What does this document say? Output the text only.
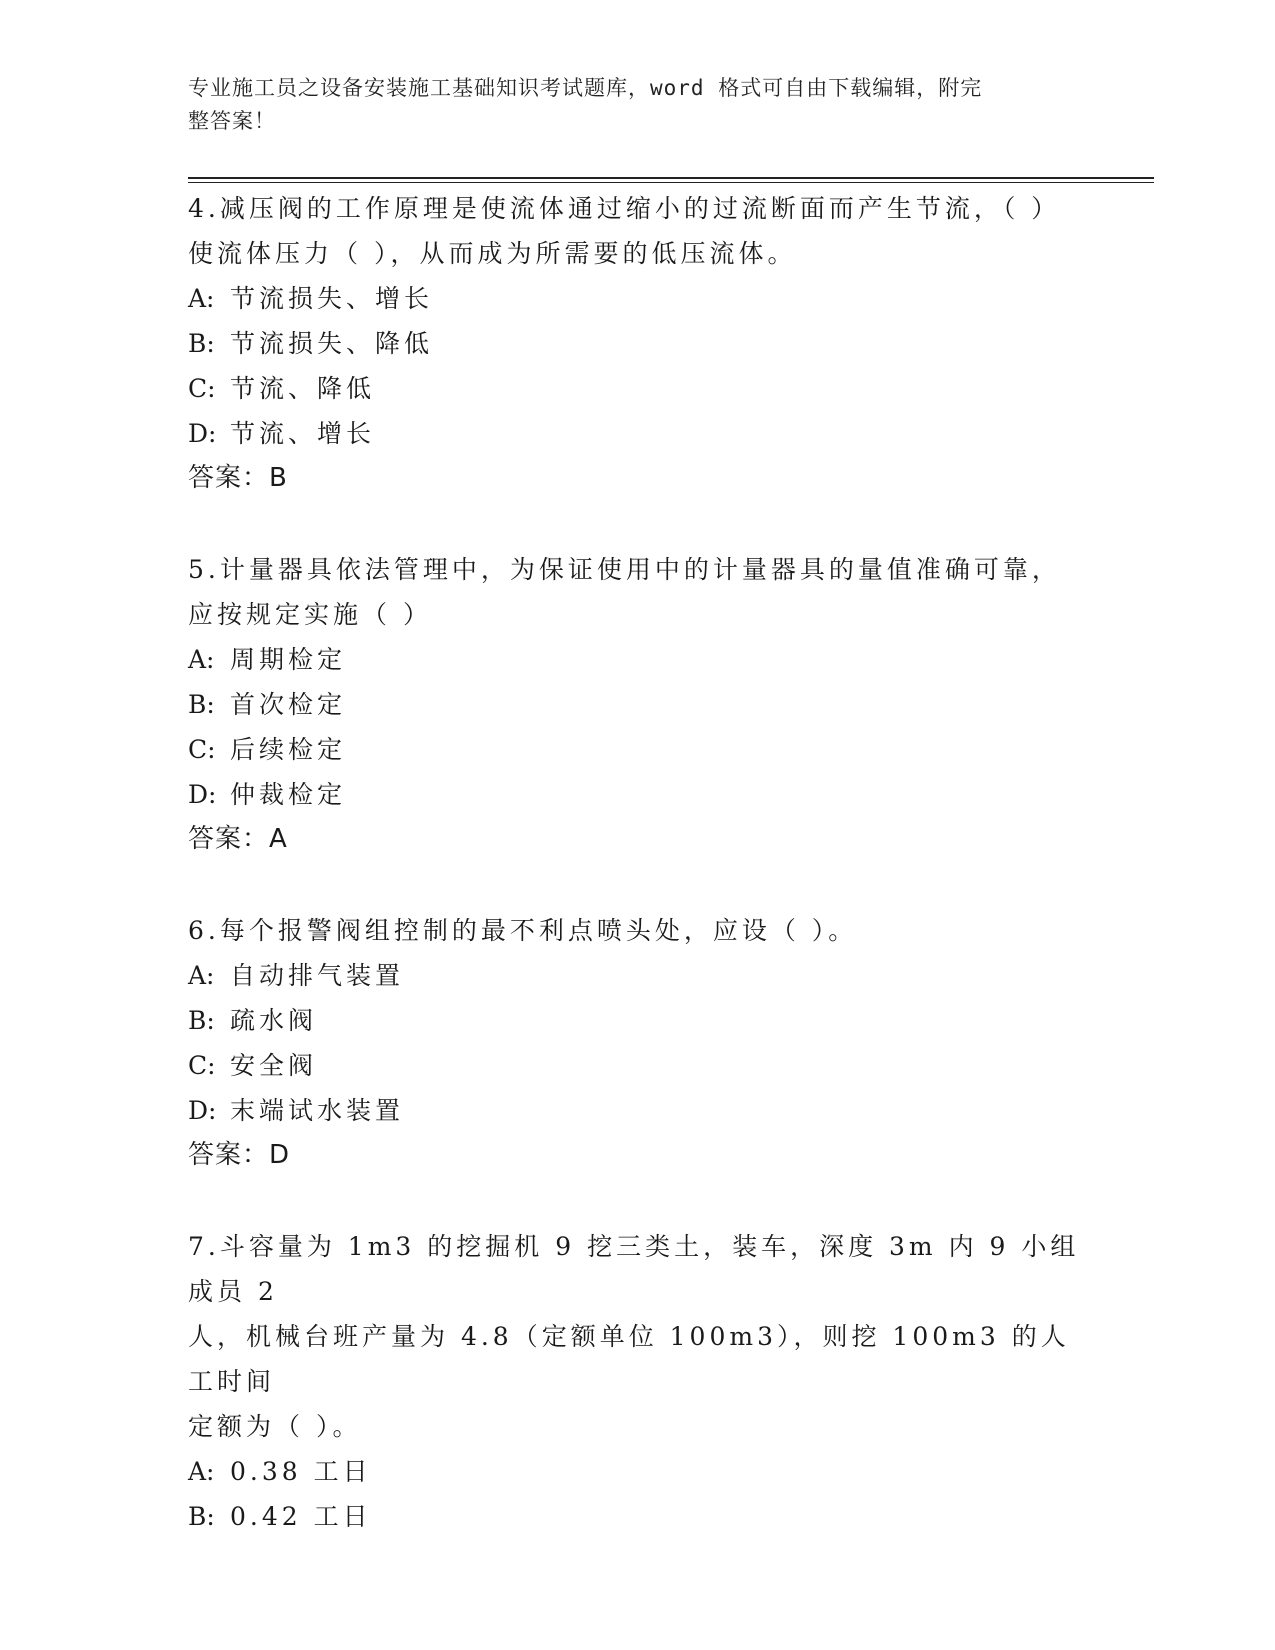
专业施工员之设备安装施工基础知识考试题库，word 格式可自由下载编辑，附完
整答案！

4.减压阀的工作原理是使流体通过缩小的过流断面而产生节流，（ ）

使流体压力（ ），从而成为所需要的低压流体。

A: 节流损失、增长

B: 节流损失、降低

C: 节流、降低

D: 节流、增长

答案：B

5.计量器具依法管理中，为保证使用中的计量器具的量值准确可靠，

应按规定实施（ ）

A: 周期检定

B: 首次检定

C: 后续检定

D: 仲裁检定

答案：A

6.每个报警阀组控制的最不利点喷头处，应设（ ）。

A: 自动排气装置

B: 疏水阀

C: 安全阀

D: 末端试水装置

答案：D

7.斗容量为 1m3 的挖掘机 9 挖三类土，装车，深度 3m 内 9 小组成员 2

人，机械台班产量为 4.8（定额单位 100m3），则挖 100m3 的人工时间

定额为（ ）。

A: 0.38 工日

B: 0.42 工日
